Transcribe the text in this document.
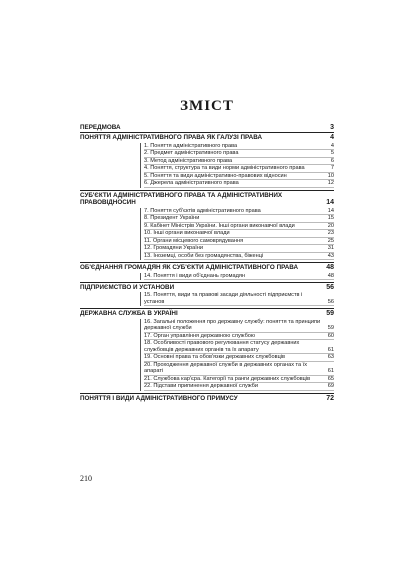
ЗМІСТ
ПЕРЕДМОВА	3
ПОНЯТТЯ АДМІНІСТРАТИВНОГО ПРАВА ЯК ГАЛУЗІ ПРАВА	4
1. Поняття адміністративного права	4
2. Предмет адміністративного права	5
3. Метод адміністративного права	6
4. Поняття, структура та види норми адміністративного права	7
5. Поняття та види адміністративно-правових відносин	10
6. Джерела адміністративного права	12
СУБ'ЄКТИ АДМІНІСТРАТИВНОГО ПРАВА ТА АДМІНІСТРАТИВНИХ ПРАВОВІДНОСИН	14
7. Поняття суб'єктів адміністративного права	14
8. Президент України	15
9. Кабінет Міністрів України. Інші органи виконавчої влади	20
10. Інші органи виконавчої влади	23
11. Органи місцевого самоврядування	25
12. Громадяни України	31
13. Іноземці, особи без громадянства, біженці	43
ОБ'ЄДНАННЯ ГРОМАДЯН ЯК СУБ'ЄКТИ АДМІНІСТРАТИВНОГО ПРАВА	48
14. Поняття і види об'єднань громадян	48
ПІДПРИЄМСТВО И УСТАНОВИ	56
15. Поняття, види та правові засади діяльності підприємств і установ	56
ДЕРЖАВНА СЛУЖБА В УКРАЇНІ	59
16. Загальні положення про державну службу: поняття та принципи державної служби	59
17. Орган управління державною службою	60
18. Особливості правового регулювання статусу державних службовців державних органів та їх апарату	61
19. Основні права та обов'язки державних службовців	63
20. Проходження державної служби в державних органах та їх апараті	61
21. Службова кар'єра. Категорії та ранги державних службовців	65
22. Підстави припинення державної служби	69
ПОНЯТТЯ І ВИДИ АДМІНІСТРАТИВНОГО ПРИМУСУ	72
210
